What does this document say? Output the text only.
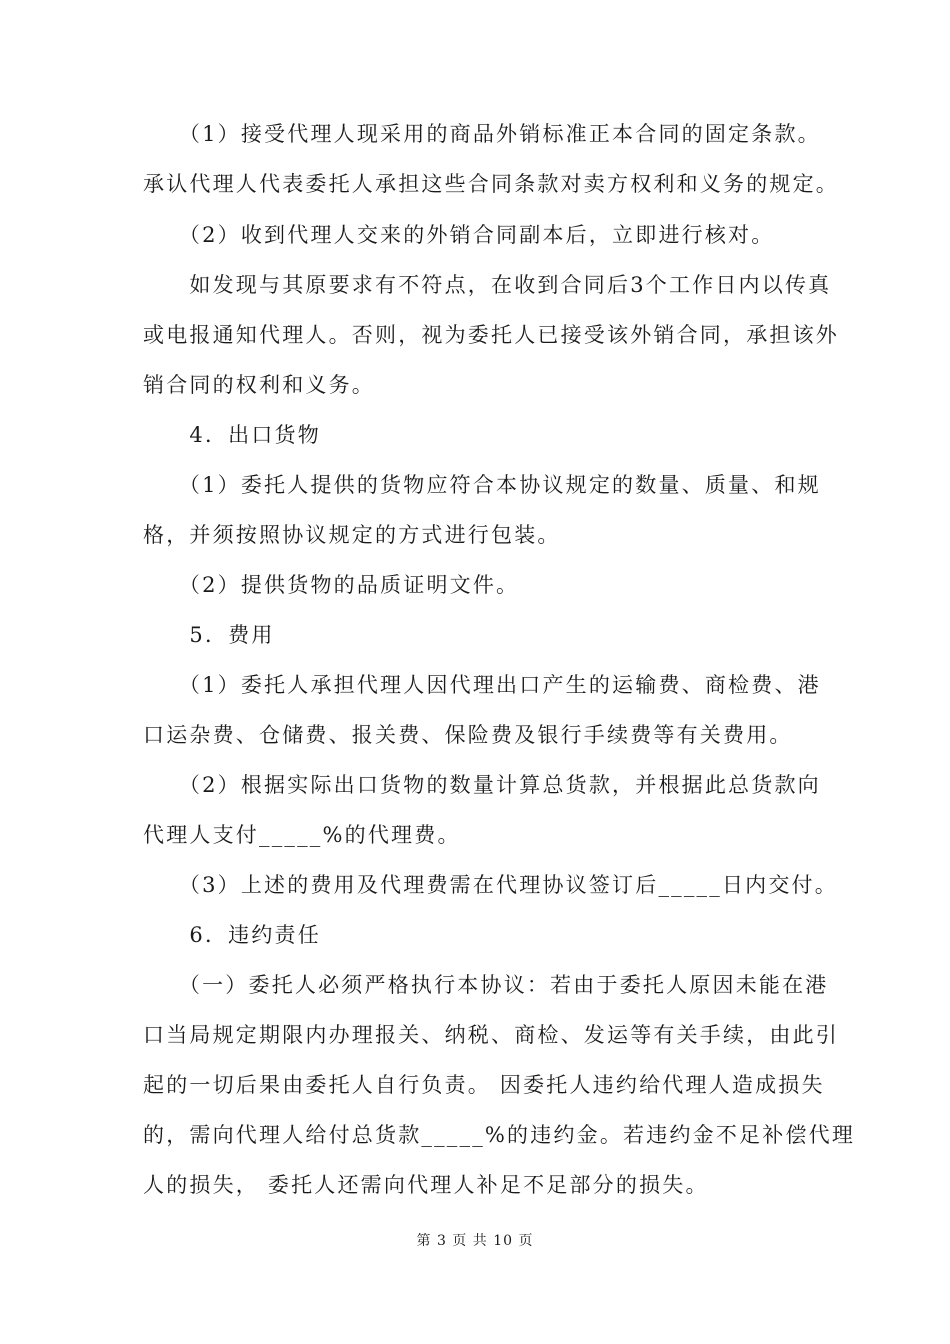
　　（1）接受代理人现采用的商品外销标准正本合同的固定条款。
承认代理人代表委托人承担这些合同条款对卖方权利和义务的规定。
　　（2）收到代理人交来的外销合同副本后，立即进行核对。
　　如发现与其原要求有不符点，在收到合同后3个工作日内以传真
或电报通知代理人。否则，视为委托人已接受该外销合同，承担该外
销合同的权利和义务。
　　4．出口货物
　　（1）委托人提供的货物应符合本协议规定的数量、质量、和规
格，并须按照协议规定的方式进行包装。
　　（2）提供货物的品质证明文件。
　　5．费用
　　（1）委托人承担代理人因代理出口产生的运输费、商检费、港
口运杂费、仓储费、报关费、保险费及银行手续费等有关费用。
　　（2）根据实际出口货物的数量计算总货款，并根据此总货款向
代理人支付_____%的代理费。
　　（3）上述的费用及代理费需在代理协议签订后_____日内交付。
　　6．违约责任
　　（一）委托人必须严格执行本协议：若由于委托人原因未能在港
口当局规定期限内办理报关、纳税、商检、发运等有关手续，由此引
起的一切后果由委托人自行负责。 因委托人违约给代理人造成损失
的，需向代理人给付总货款_____%的违约金。若违约金不足补偿代理
人的损失， 委托人还需向代理人补足不足部分的损失。
第 3 页 共 10 页
